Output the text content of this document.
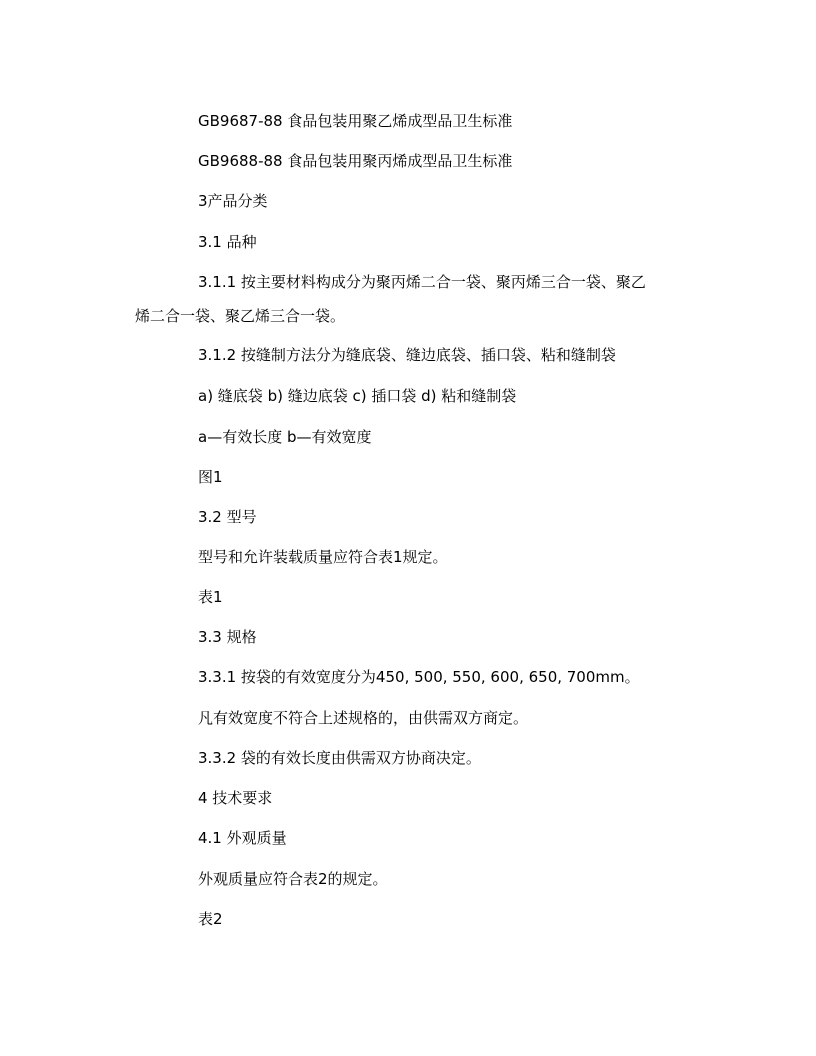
GB9687-88 食品包装用聚乙烯成型品卫生标准

GB9688-88 食品包装用聚丙烯成型品卫生标准

3产品分类

3.1 品种

3.1.1 按主要材料构成分为聚丙烯二合一袋、聚丙烯三合一袋、聚乙

烯二合一袋、聚乙烯三合一袋。

3.1.2 按缝制方法分为缝底袋、缝边底袋、插口袋、粘和缝制袋

a) 缝底袋 b) 缝边底袋 c) 插口袋 d) 粘和缝制袋

a—有效长度 b—有效宽度

图1

3.2 型号

型号和允许装载质量应符合表1规定。

表1

3.3 规格

3.3.1 按袋的有效宽度分为450, 500, 550, 600, 650, 700mm。

凡有效宽度不符合上述规格的，由供需双方商定。

3.3.2 袋的有效长度由供需双方协商决定。

4 技术要求

4.1 外观质量

外观质量应符合表2的规定。

表2
